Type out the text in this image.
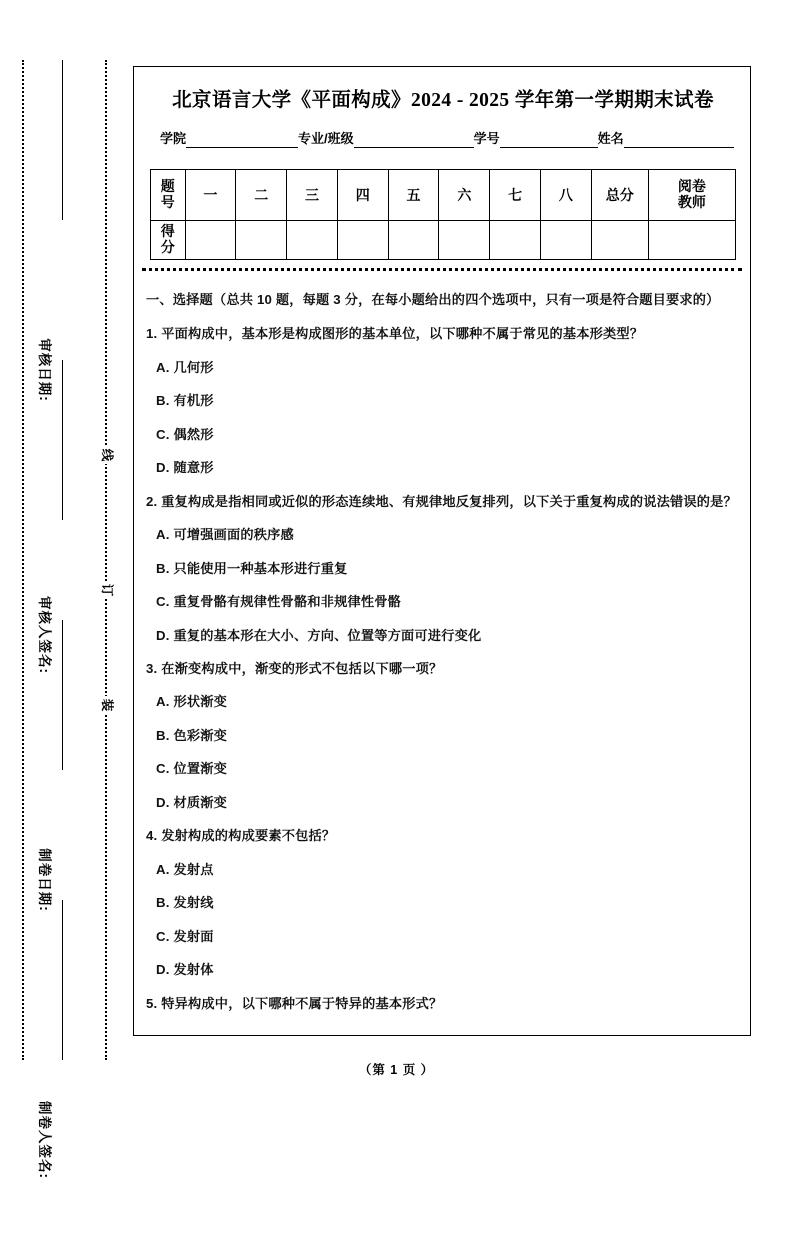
审核日期:
审核人签名:
制卷日期:
制卷人签名:
线
订
装
北京语言大学《平面构成》2024 - 2025 学年第一学期期末试卷
学院	专业/班级	学号	姓名
题
号	一	二	三	四	五	六	七	八	总分	阅卷
教师

得
分										

一、选择题（总共 10 题，每题 3 分，在每小题给出的四个选项中，只有一项是符合题目要求的）

1. 平面构成中，基本形是构成图形的基本单位，以下哪种不属于常见的基本形类型？

A. 几何形

B. 有机形

C. 偶然形

D. 随意形

2. 重复构成是指相同或近似的形态连续地、有规律地反复排列，以下关于重复构成的说法错误的是？

A. 可增强画面的秩序感

B. 只能使用一种基本形进行重复

C. 重复骨骼有规律性骨骼和非规律性骨骼

D. 重复的基本形在大小、方向、位置等方面可进行变化

3. 在渐变构成中，渐变的形式不包括以下哪一项？

A. 形状渐变

B. 色彩渐变

C. 位置渐变

D. 材质渐变

4. 发射构成的构成要素不包括？

A. 发射点

B. 发射线

C. 发射面

D. 发射体

5. 特异构成中，以下哪种不属于特异的基本形式？

（第 1 页 ）
